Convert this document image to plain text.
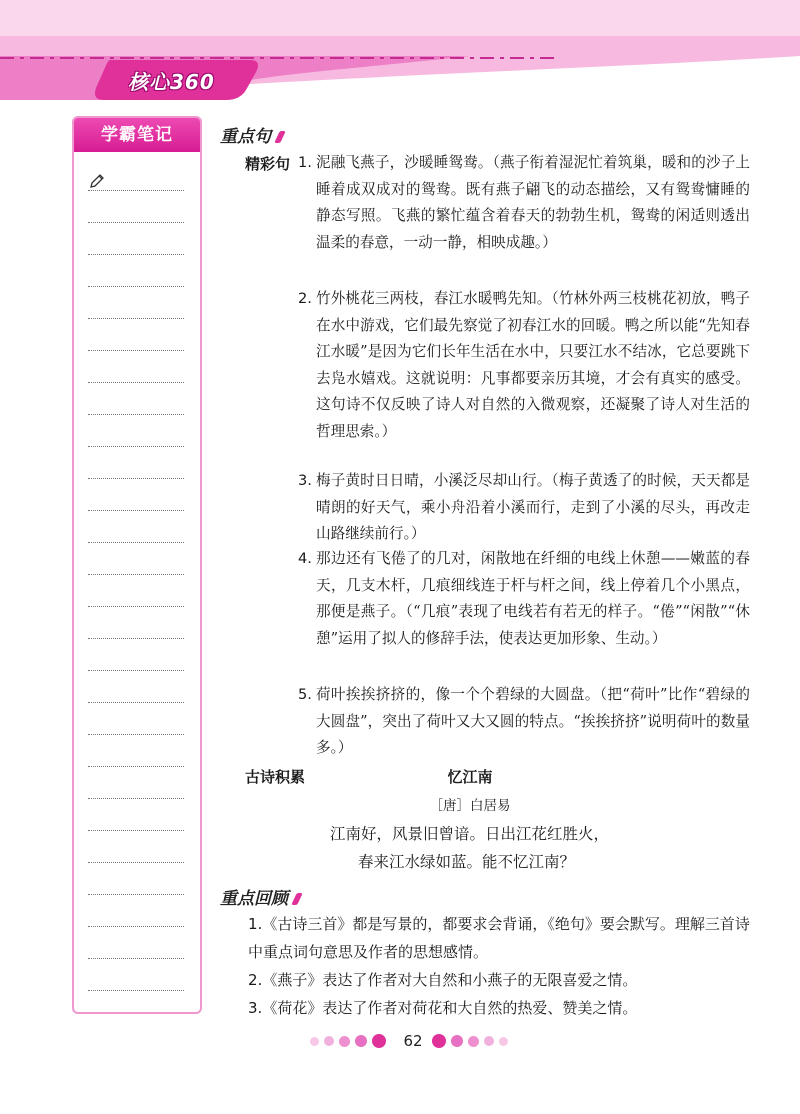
核心360
学霸笔记	重点句
精彩句 1. 泥融飞燕子，沙暖睡鸳鸯。（燕子衔着湿泥忙着筑巢，暖和的沙子上睡着成双成对的鸳鸯。既有燕子翩飞的动态描绘，又有鸳鸯慵睡的静态写照。飞燕的繁忙蕴含着春天的勃勃生机，鸳鸯的闲适则透出温柔的春意，一动一静，相映成趣。）
2. 竹外桃花三两枝，春江水暖鸭先知。（竹林外两三枝桃花初放，鸭子在水中游戏，它们最先察觉了初春江水的回暖。鸭之所以能“先知春江水暖”是因为它们长年生活在水中，只要江水不结冰，它总要跳下去凫水嬉戏。这就说明：凡事都要亲历其境，才会有真实的感受。这句诗不仅反映了诗人对自然的入微观察，还凝聚了诗人对生活的哲理思索。）
3. 梅子黄时日日晴，小溪泛尽却山行。（梅子黄透了的时候，天天都是晴朗的好天气，乘小舟沿着小溪而行，走到了小溪的尽头，再改走山路继续前行。）
4. 那边还有飞倦了的几对，闲散地在纤细的电线上休憩——嫩蓝的春天，几支木杆，几痕细线连于杆与杆之间，线上停着几个小黑点，那便是燕子。（“几痕”表现了电线若有若无的样子。“倦”“闲散”“休憩”运用了拟人的修辞手法，使表达更加形象、生动。）
5. 荷叶挨挨挤挤的，像一个个碧绿的大圆盘。（把“荷叶”比作“碧绿的大圆盘”，突出了荷叶又大又圆的特点。“挨挨挤挤”说明荷叶的数量多。）
古诗积累	忆江南
［唐］白居易
江南好，风景旧曾谙。日出江花红胜火，
春来江水绿如蓝。能不忆江南？
重点回顾
1.《古诗三首》都是写景的，都要求会背诵，《绝句》要会默写。理解三首诗中重点词句意思及作者的思想感情。
2.《燕子》表达了作者对大自然和小燕子的无限喜爱之情。
3.《荷花》表达了作者对荷花和大自然的热爱、赞美之情。
62
